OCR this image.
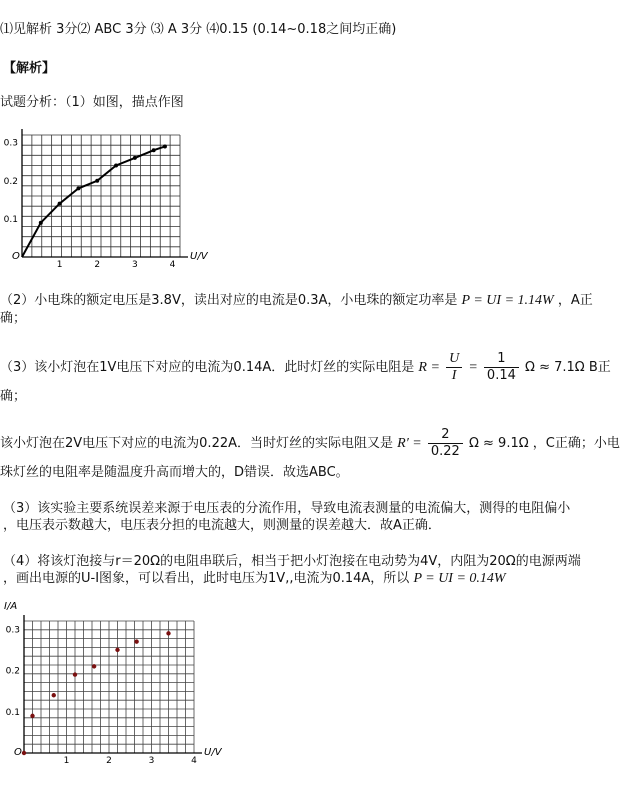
⑴见解析 3分⑵ ABC 3分 ⑶ A 3分 ⑷0.15 (0.14~0.18之间均正确)
【解析】
试题分析：（1）如图，描点作图
1	2	3	4
0.1
0.2
0.3
O	U/V
（2）小电珠的额定电压是3.8V，读出对应的电流是0.3A，小电珠的额定功率是 P = UI = 1.14W ，A正
确；
（3）该小灯泡在1V电压下对应的电流为0.14A．此时灯丝的实际电阻是 $R = \frac{U}{I} = \frac{1}{0.14}$ Ω ≈ 7.1Ω B正
确；
该小灯泡在2V电压下对应的电流为0.22A．当时灯丝的实际电阻又是 $R' = \frac{2}{0.22}$ Ω ≈ 9.1Ω ，C正确；小电
珠灯丝的电阻率是随温度升高而增大的，D错误．故选ABC。
（3）该实验主要系统误差来源于电压表的分流作用，导致电流表测量的电流偏大，测得的电阻偏小
，电压表示数越大，电压表分担的电流越大，则测量的误差越大．故A正确．
（4）将该灯泡接与r＝20Ω的电阻串联后，相当于把小灯泡接在电动势为4V，内阻为20Ω的电源两端
，画出电源的U-I图象，可以看出，此时电压为1V,,电流为0.14A，所以 P = UI = 0.14W
1	2	3	4
0.1
0.2
0.3
O	U/V
I/A
